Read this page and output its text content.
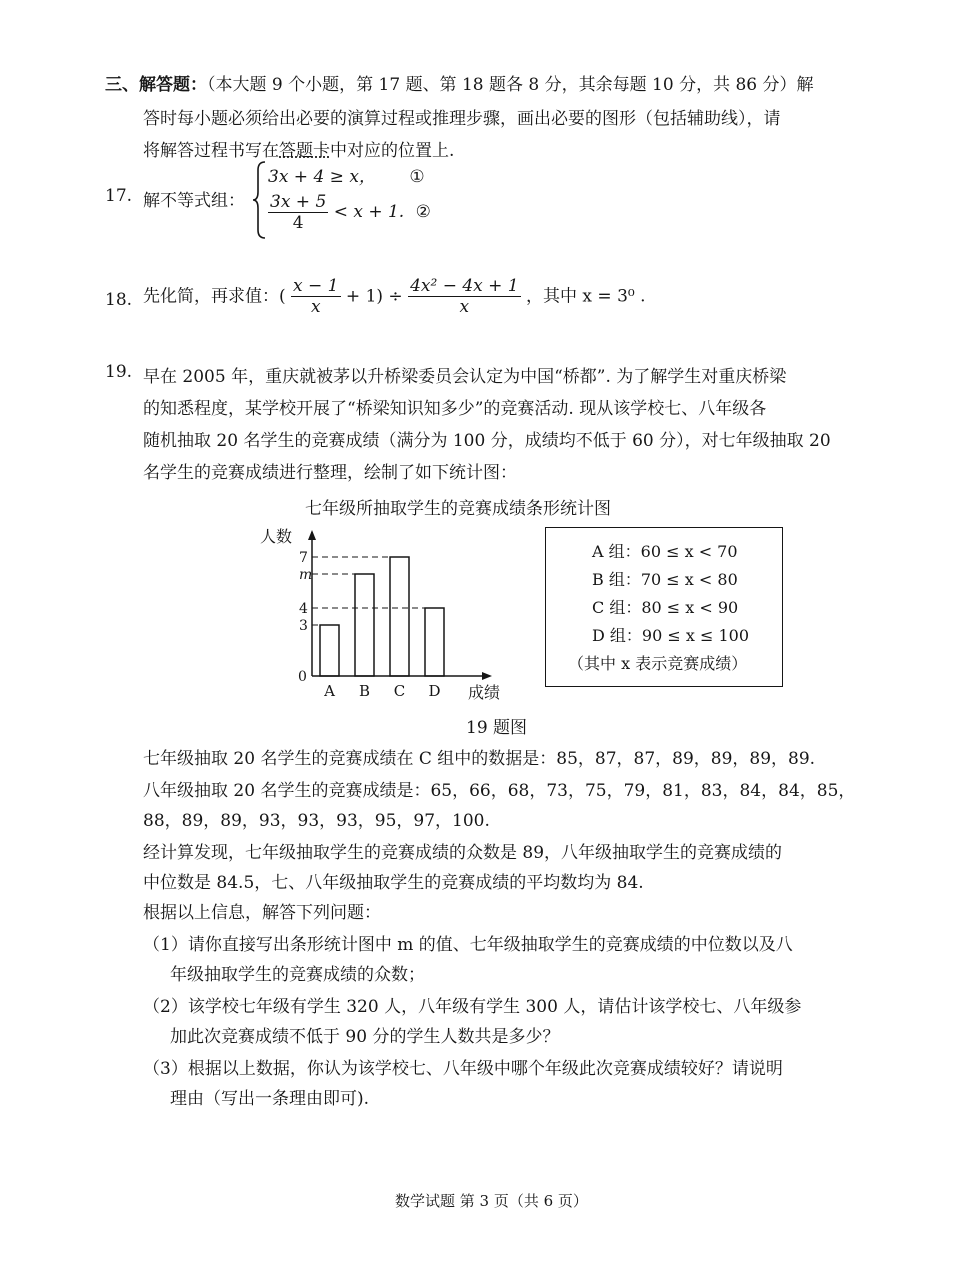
三、解答题：（本大题 9 个小题，第 17 题、第 18 题各 8 分，其余每题 10 分，共 86 分）解
答时每小题必须给出必要的演算过程或推理步骤，画出必要的图形（包括辅助线），请
将解答过程书写在答题卡中对应的位置上.
17. 解不等式组：
3x + 4 ≥ x， ①
$\frac{3x + 5}{4} < x + 1$. ②
18. 先化简，再求值：( $\frac{x - 1}{x} + 1) \div \frac{\text{4x² − 4x + 1}}{x}$ ，其中 x = 3⁰ .
19. 早在 2005 年，重庆就被茅以升桥梁委员会认定为中国“桥都”. 为了解学生对重庆桥梁
的知悉程度，某学校开展了“桥梁知识知多少”的竞赛活动. 现从该学校七、八年级各
随机抽取 20 名学生的竞赛成绩（满分为 100 分，成绩均不低于 60 分），对七年级抽取 20
名学生的竞赛成绩进行整理，绘制了如下统计图：
七年级所抽取学生的竞赛成绩条形统计图
人数
成绩
0
3
A
m
B
7
C
4
D
A 组：60 ≤ x < 70
B 组：70 ≤ x < 80
C 组：80 ≤ x < 90
D 组：90 ≤ x ≤ 100
（其中 x 表示竞赛成绩）
19 题图
七年级抽取 20 名学生的竞赛成绩在 C 组中的数据是：85，87，87，89，89，89，89.
八年级抽取 20 名学生的竞赛成绩是：65，66，68，73，75，79，81，83，84，84，85，
88，89，89，93，93，93，95，97，100.
经计算发现，七年级抽取学生的竞赛成绩的众数是 89，八年级抽取学生的竞赛成绩的
中位数是 84.5，七、八年级抽取学生的竞赛成绩的平均数均为 84.
根据以上信息，解答下列问题：
（1）请你直接写出条形统计图中 m 的值、七年级抽取学生的竞赛成绩的中位数以及八
年级抽取学生的竞赛成绩的众数；
（2）该学校七年级有学生 320 人，八年级有学生 300 人，请估计该学校七、八年级参
加此次竞赛成绩不低于 90 分的学生人数共是多少？
（3）根据以上数据，你认为该学校七、八年级中哪个年级此次竞赛成绩较好？请说明
理由（写出一条理由即可).
数学试题 第 3 页（共 6 页）
